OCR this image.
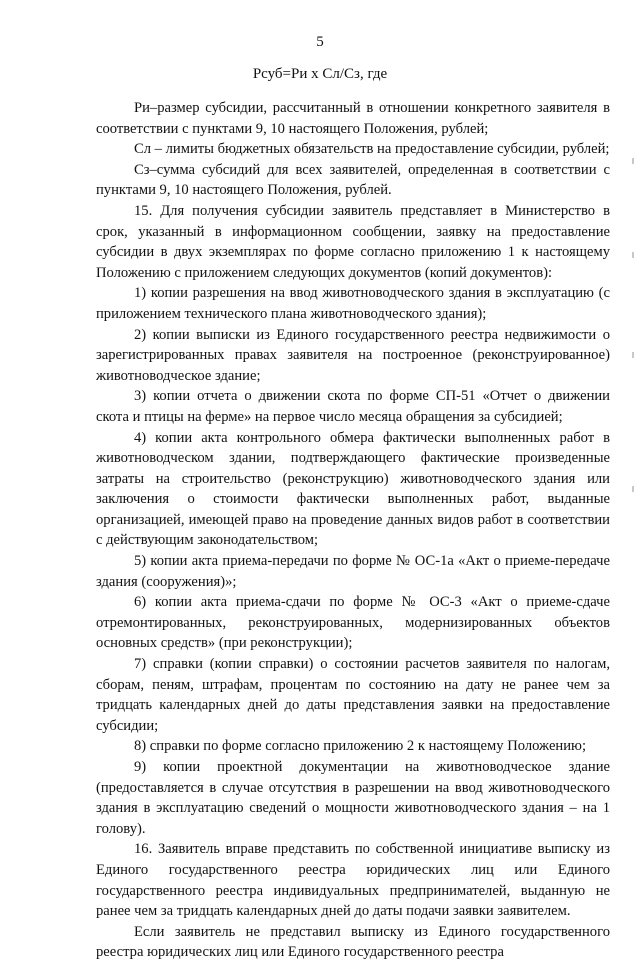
5
Рсуб=Ри х Сл/Сз, где

Ри–размер субсидии, рассчитанный в отношении конкретного заявителя в соответствии с пунктами 9, 10 настоящего Положения, рублей;

Сл – лимиты бюджетных обязательств на предоставление субсидии, рублей;

Сз–сумма субсидий для всех заявителей, определенная в соответствии с пунктами 9, 10 настоящего Положения, рублей.

15. Для получения субсидии заявитель представляет в Министерство в срок, указанный в информационном сообщении, заявку на предоставление субсидии в двух экземплярах по форме согласно приложению 1 к настоящему Положению с приложением следующих документов (копий документов):

1) копии разрешения на ввод животноводческого здания в эксплуатацию (с приложением технического плана животноводческого здания);

2) копии выписки из Единого государственного реестра недвижимости о зарегистрированных правах заявителя на построенное (реконструированное) животноводческое здание;

3) копии отчета о движении скота по форме СП-51 «Отчет о движении скота и птицы на ферме» на первое число месяца обращения за субсидией;

4) копии акта контрольного обмера фактически выполненных работ в животноводческом здании, подтверждающего фактические произведенные затраты на строительство (реконструкцию) животноводческого здания или заключения о стоимости фактически выполненных работ, выданные организацией, имеющей право на проведение данных видов работ в соответствии с действующим законодательством;

5) копии акта приема-передачи по форме № ОС-1а «Акт о приеме-передаче здания (сооружения)»;

6) копии акта приема-сдачи по форме № ОС-3 «Акт о приеме-сдаче отремонтированных, реконструированных, модернизированных объектов основных средств» (при реконструкции);

7) справки (копии справки) о состоянии расчетов заявителя по налогам, сборам, пеням, штрафам, процентам по состоянию на дату не ранее чем за тридцать календарных дней до даты представления заявки на предоставление субсидии;

8) справки по форме согласно приложению 2 к настоящему Положению;

9) копии проектной документации на животноводческое здание (предоставляется в случае отсутствия в разрешении на ввод животноводческого здания в эксплуатацию сведений о мощности животноводческого здания – на 1 голову).

16. Заявитель вправе представить по собственной инициативе выписку из Единого государственного реестра юридических лиц или Единого государственного реестра индивидуальных предпринимателей, выданную не ранее чем за тридцать календарных дней до даты подачи заявки заявителем.

Если заявитель не представил выписку из Единого государственного реестра юридических лиц или Единого государственного реестра
